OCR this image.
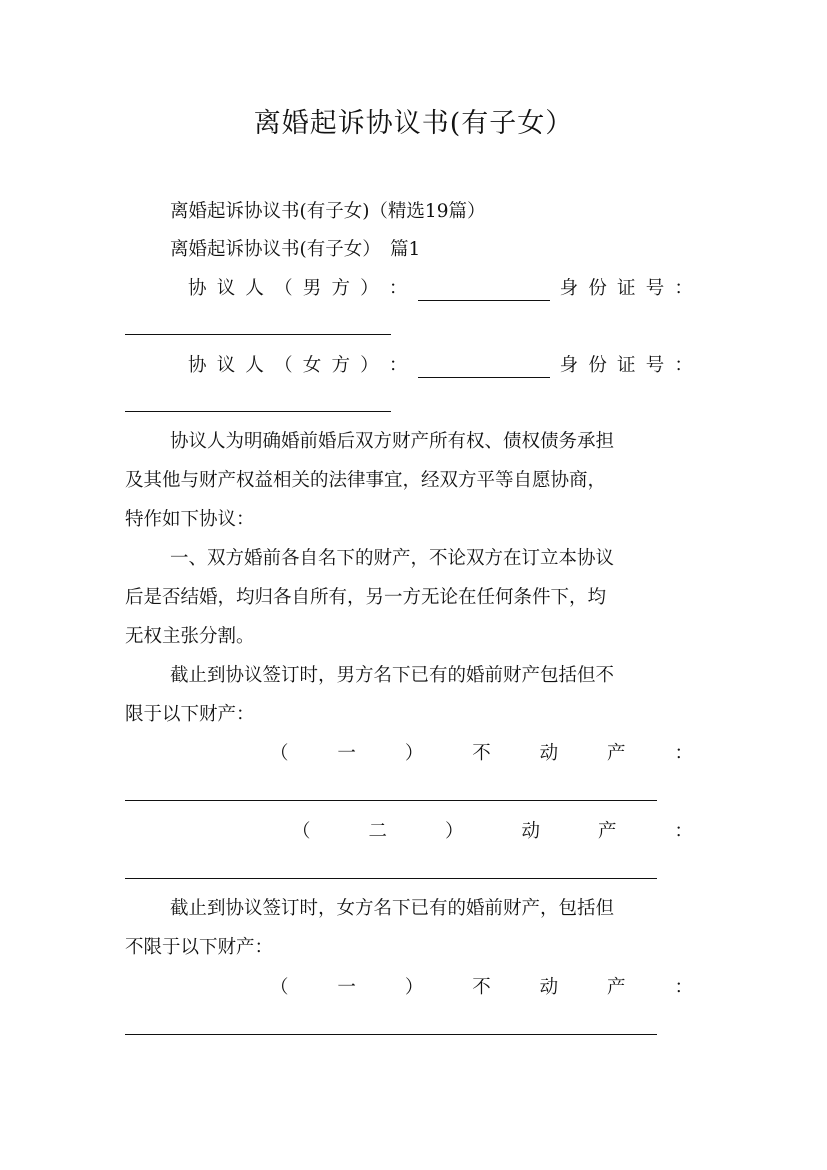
离婚起诉协议书(有子女）
离婚起诉协议书(有子女)（精选19篇）
离婚起诉协议书(有子女）　篇1
协 议 人 （ 男 方 ） ：	身 份 证 号 ：
协 议 人 （ 女 方 ） ：	身 份 证 号 ：
协议人为明确婚前婚后双方财产所有权、债权债务承担
及其他与财产权益相关的法律事宜，经双方平等自愿协商，
特作如下协议：
一、双方婚前各自名下的财产，不论双方在订立本协议
后是否结婚，均归各自所有，另一方无论在任何条件下，均
无权主张分割。
截止到协议签订时，男方名下已有的婚前财产包括但不
限于以下财产：
（	一	）	不	动	产	：
（	二	）	动	产	：
截止到协议签订时，女方名下已有的婚前财产，包括但
不限于以下财产：
（	一	）	不	动	产	：
